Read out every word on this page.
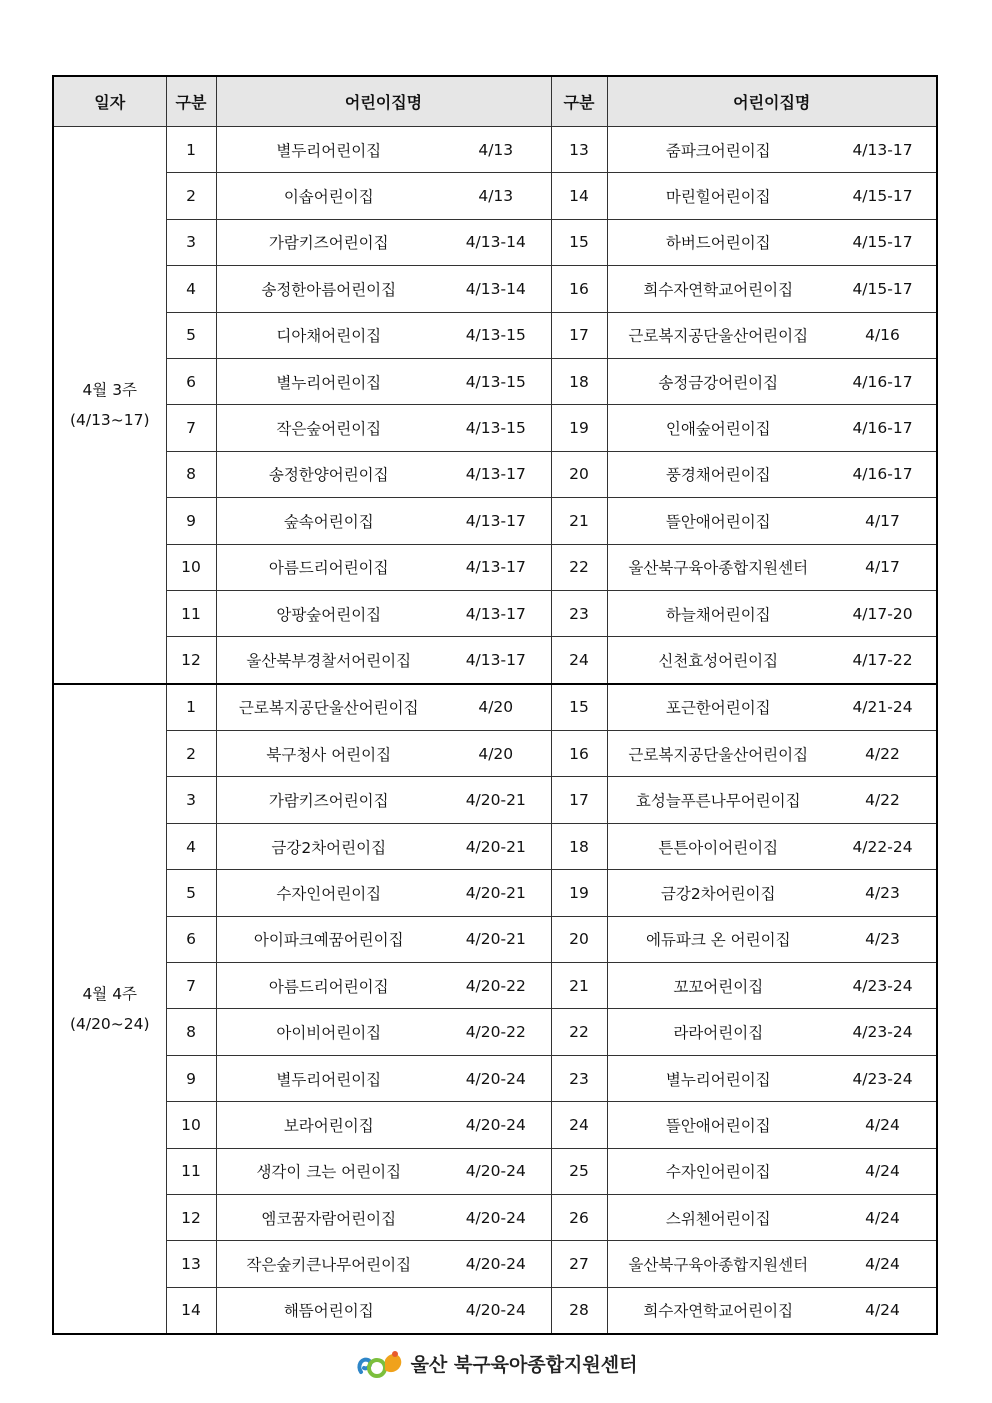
일자	구분	어린이집명		구분	어린이집명	

4월 3주
(4/13~17)	1	별두리어린이집	4/13	13	줌파크어린이집	4/13-17
	2	이솝어린이집	4/13	14	마린힐어린이집	4/15-17
	3	가람키즈어린이집	4/13-14	15	하버드어린이집	4/15-17
	4	송정한아름어린이집	4/13-14	16	희수자연학교어린이집	4/15-17
	5	디아채어린이집	4/13-15	17	근로복지공단울산어린이집	4/16
	6	별누리어린이집	4/13-15	18	송정금강어린이집	4/16-17
	7	작은숲어린이집	4/13-15	19	인애숲어린이집	4/16-17
	8	송정한양어린이집	4/13-17	20	풍경채어린이집	4/16-17
	9	숲속어린이집	4/13-17	21	뜰안애어린이집	4/17
	10	아름드리어린이집	4/13-17	22	울산북구육아종합지원센터	4/17
	11	앙팡숲어린이집	4/13-17	23	하늘채어린이집	4/17-20
	12	울산북부경찰서어린이집	4/13-17	24	신천효성어린이집	4/17-22

4월 4주
(4/20~24)	1	근로복지공단울산어린이집	4/20	15	포근한어린이집	4/21-24
	2	북구청사 어린이집	4/20	16	근로복지공단울산어린이집	4/22
	3	가람키즈어린이집	4/20-21	17	효성늘푸른나무어린이집	4/22
	4	금강2차어린이집	4/20-21	18	튼튼아이어린이집	4/22-24
	5	수자인어린이집	4/20-21	19	금강2차어린이집	4/23
	6	아이파크예꿈어린이집	4/20-21	20	에듀파크 온 어린이집	4/23
	7	아름드리어린이집	4/20-22	21	꼬꼬어린이집	4/23-24
	8	아이비어린이집	4/20-22	22	라라어린이집	4/23-24
	9	별두리어린이집	4/20-24	23	별누리어린이집	4/23-24
	10	보라어린이집	4/20-24	24	뜰안애어린이집	4/24
	11	생각이 크는 어린이집	4/20-24	25	수자인어린이집	4/24
	12	엠코꿈자람어린이집	4/20-24	26	스위첸어린이집	4/24
	13	작은숲키큰나무어린이집	4/20-24	27	울산북구육아종합지원센터	4/24
	14	해뜸어린이집	4/20-24	28	희수자연학교어린이집	4/24
울산 북구육아종합지원센터
